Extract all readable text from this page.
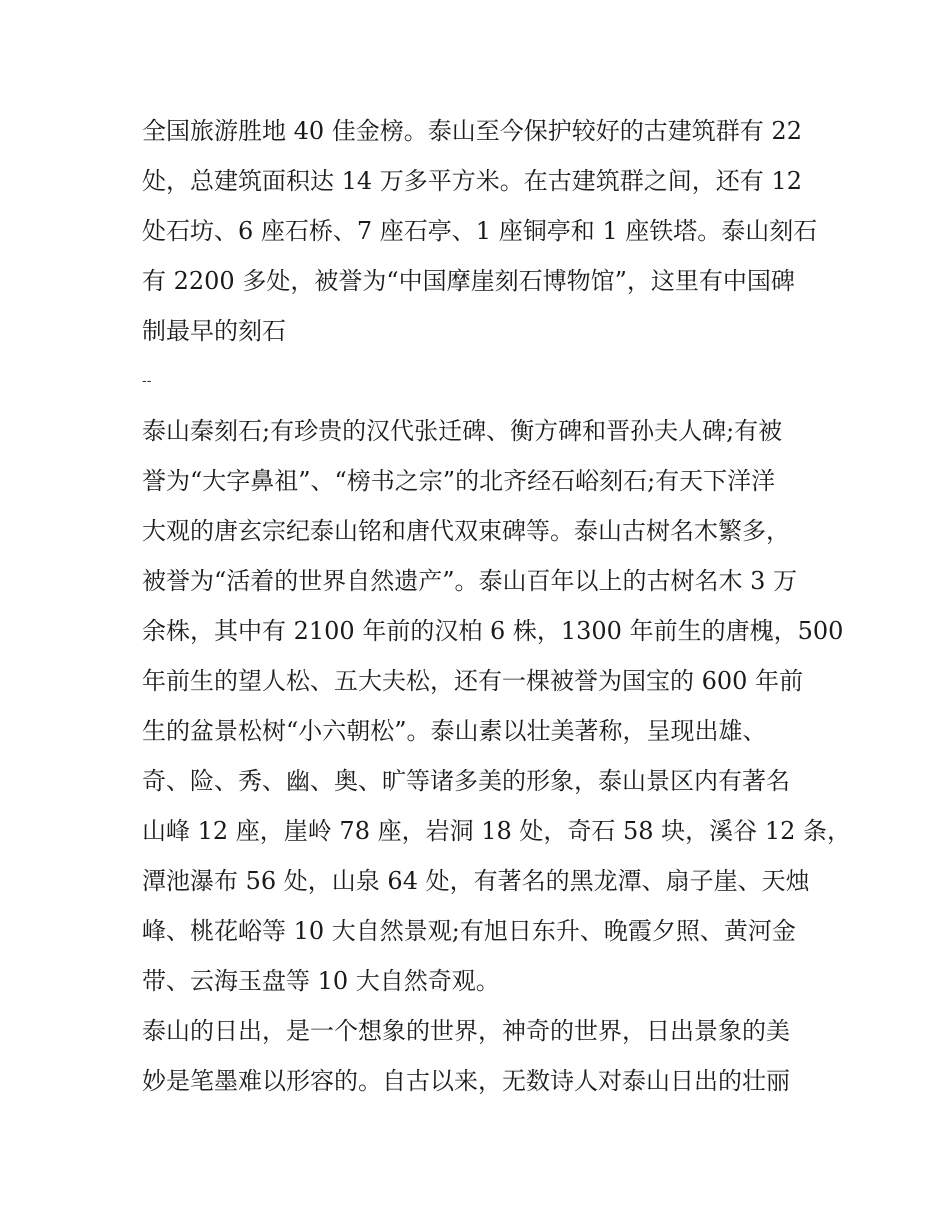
全国旅游胜地 40 佳金榜。泰山至今保护较好的古建筑群有 22
处，总建筑面积达 14 万多平方米。在古建筑群之间，还有 12
处石坊、6 座石桥、7 座石亭、1 座铜亭和 1 座铁塔。泰山刻石
有 2200 多处，被誉为“中国摩崖刻石博物馆”，这里有中国碑
制最早的刻石
--
泰山秦刻石;有珍贵的汉代张迁碑、衡方碑和晋孙夫人碑;有被
誉为“大字鼻祖”、“榜书之宗”的北齐经石峪刻石;有天下洋洋
大观的唐玄宗纪泰山铭和唐代双束碑等。泰山古树名木繁多，
被誉为“活着的世界自然遗产”。泰山百年以上的古树名木 3 万
余株，其中有 2100 年前的汉柏 6 株，1300 年前生的唐槐，500
年前生的望人松、五大夫松，还有一棵被誉为国宝的 600 年前
生的盆景松树“小六朝松”。泰山素以壮美著称，呈现出雄、
奇、险、秀、幽、奥、旷等诸多美的形象，泰山景区内有著名
山峰 12 座，崖岭 78 座，岩洞 18 处，奇石 58 块，溪谷 12 条，
潭池瀑布 56 处，山泉 64 处，有著名的黑龙潭、扇子崖、天烛
峰、桃花峪等 10 大自然景观;有旭日东升、晚霞夕照、黄河金
带、云海玉盘等 10 大自然奇观。
泰山的日出，是一个想象的世界，神奇的世界，日出景象的美
妙是笔墨难以形容的。自古以来，无数诗人对泰山日出的壮丽
